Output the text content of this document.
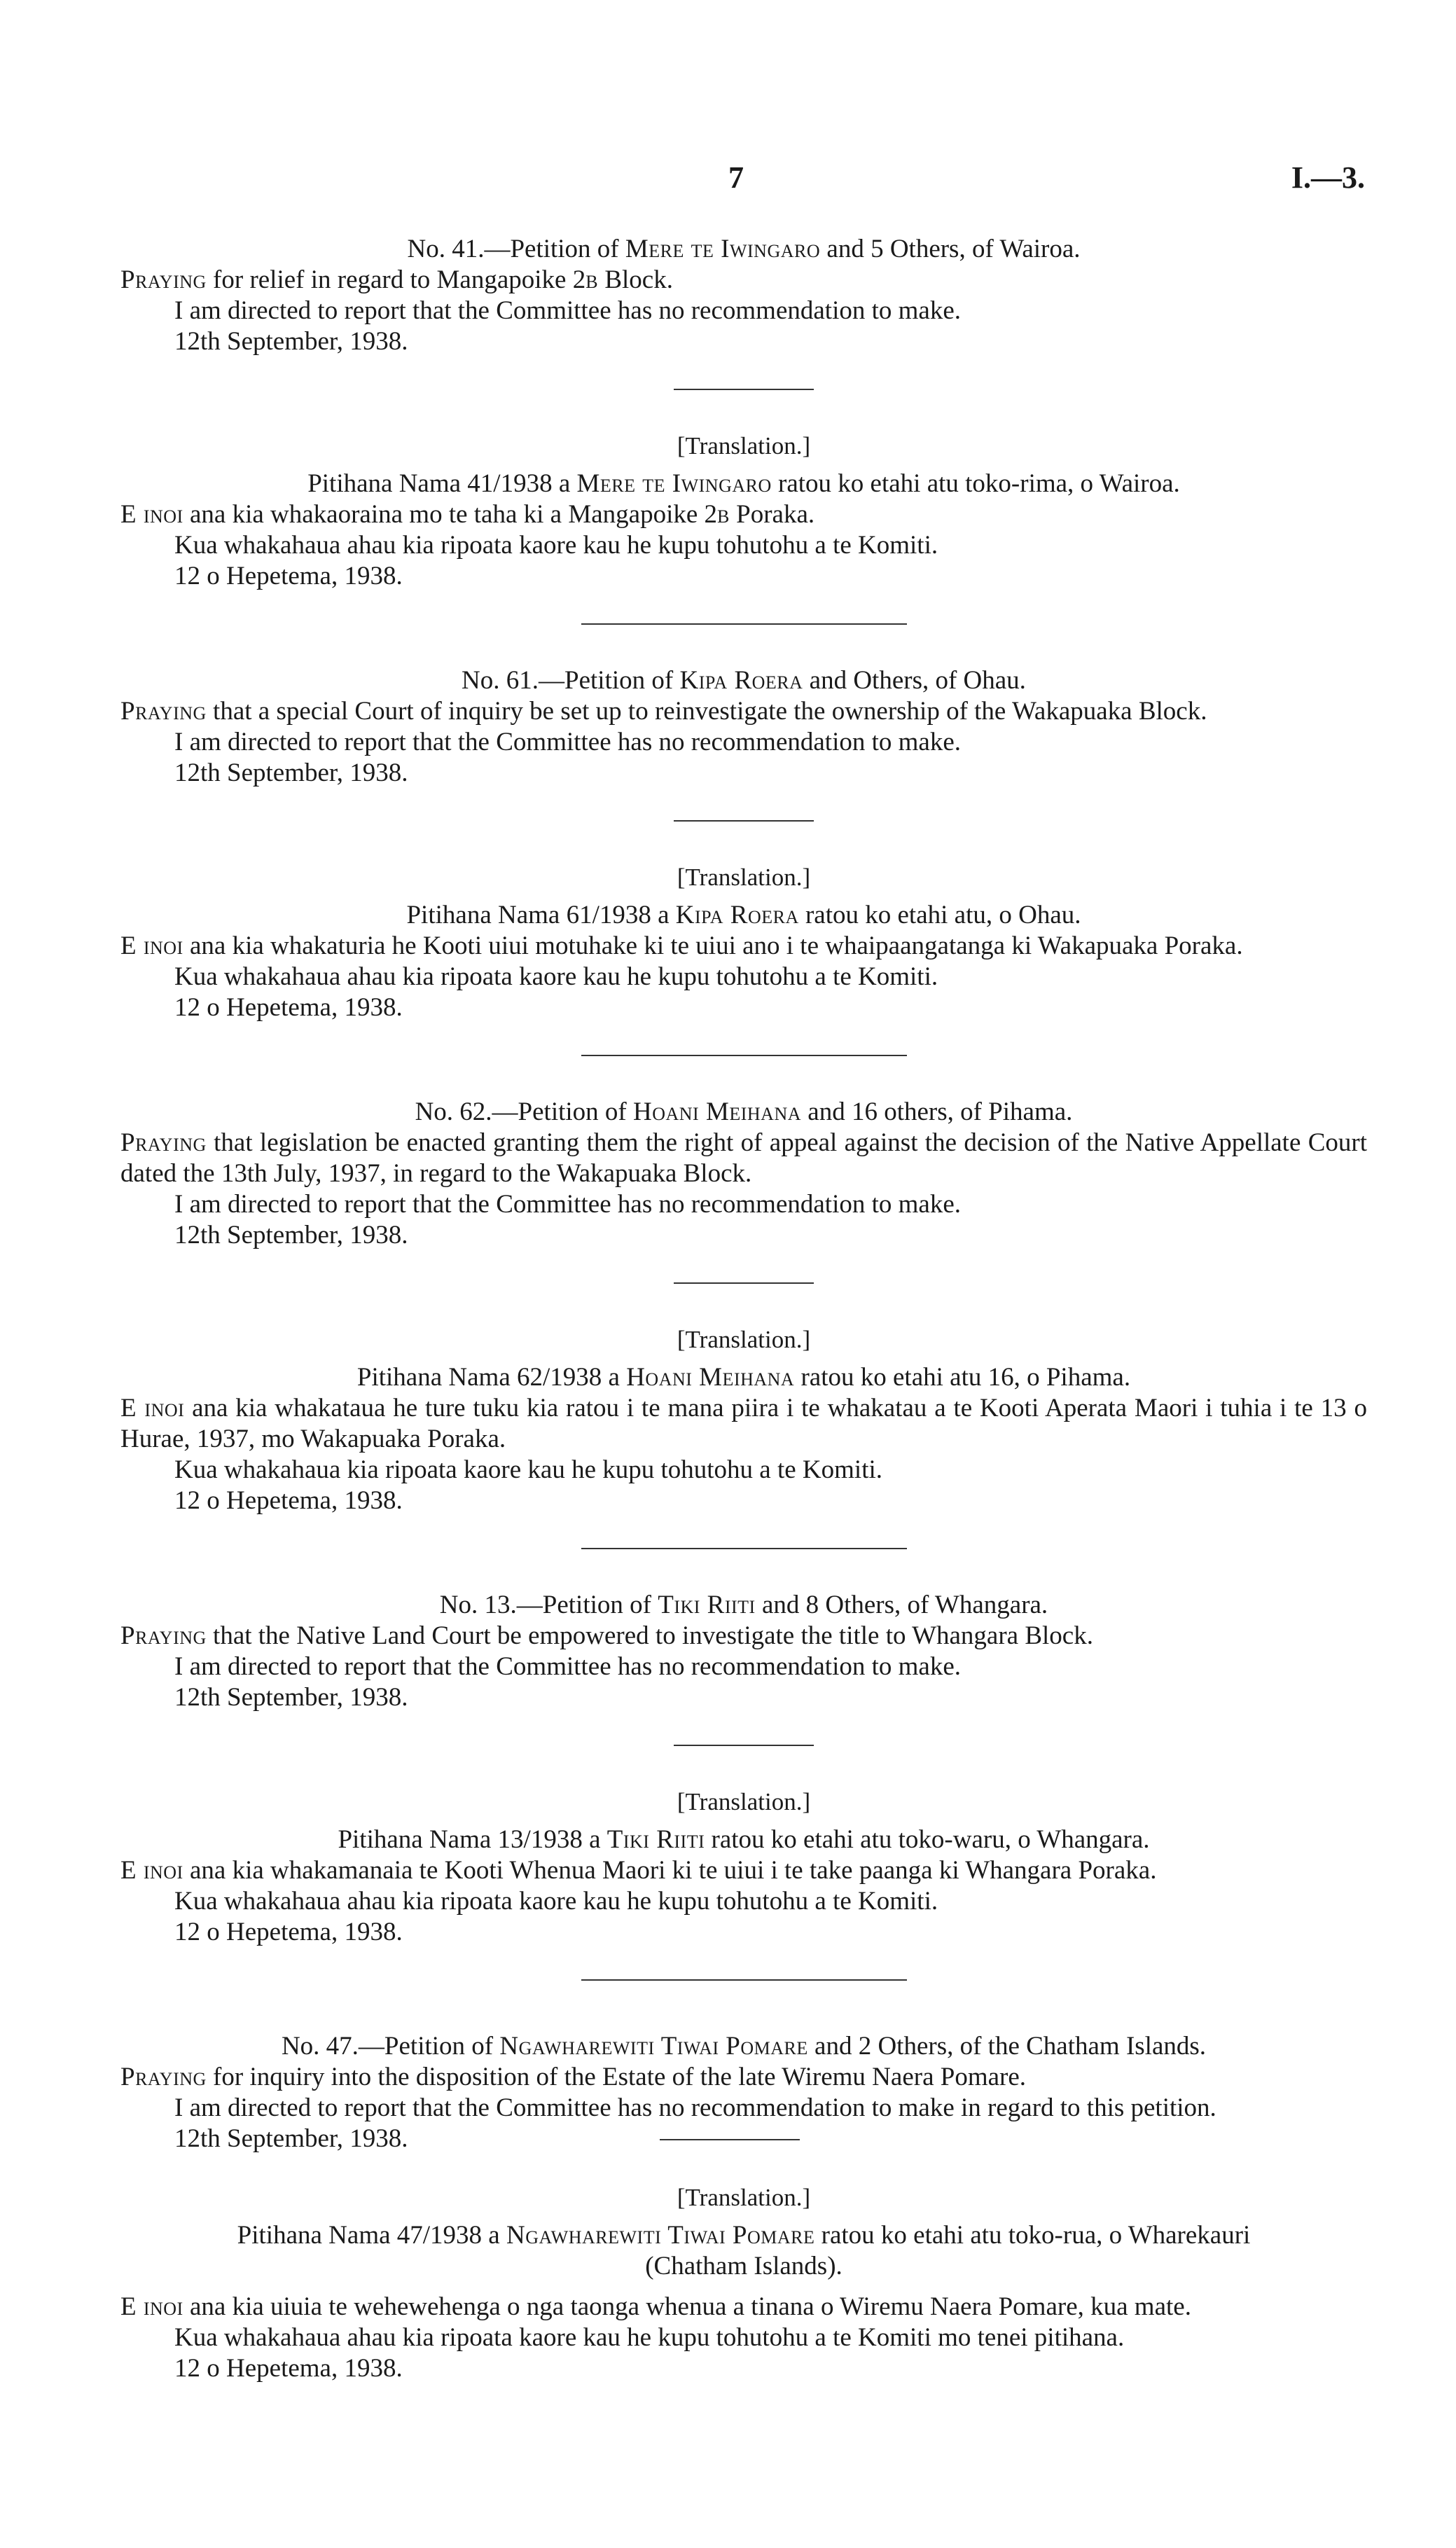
7	I.—3.

No. 41.—Petition of Mere te Iwingaro and 5 Others, of Wairoa.

Praying for relief in regard to Mangapoike 2b Block.

I am directed to report that the Committee has no recommendation to make.

12th September, 1938.

[Translation.]

Pitihana Nama 41/1938 a Mere te Iwingaro ratou ko etahi atu toko-rima, o Wairoa.

E inoi ana kia whakaoraina mo te taha ki a Mangapoike 2b Poraka.

Kua whakahaua ahau kia ripoata kaore kau he kupu tohutohu a te Komiti.

12 o Hepetema, 1938.

No. 61.—Petition of Kipa Roera and Others, of Ohau.

Praying that a special Court of inquiry be set up to reinvestigate the ownership of the Wakapuaka Block.

I am directed to report that the Committee has no recommendation to make.

12th September, 1938.

[Translation.]

Pitihana Nama 61/1938 a Kipa Roera ratou ko etahi atu, o Ohau.

E inoi ana kia whakaturia he Kooti uiui motuhake ki te uiui ano i te whaipaangatanga ki Wakapuaka Poraka.

Kua whakahaua ahau kia ripoata kaore kau he kupu tohutohu a te Komiti.

12 o Hepetema, 1938.

No. 62.—Petition of Hoani Meihana and 16 others, of Pihama.

Praying that legislation be enacted granting them the right of appeal against the decision of the Native Appellate Court dated the 13th July, 1937, in regard to the Wakapuaka Block.

I am directed to report that the Committee has no recommendation to make.

12th September, 1938.

[Translation.]

Pitihana Nama 62/1938 a Hoani Meihana ratou ko etahi atu 16, o Pihama.

E inoi ana kia whakataua he ture tuku kia ratou i te mana piira i te whakatau a te Kooti Aperata Maori i tuhia i te 13 o Hurae, 1937, mo Wakapuaka Poraka.

Kua whakahaua kia ripoata kaore kau he kupu tohutohu a te Komiti.

12 o Hepetema, 1938.

No. 13.—Petition of Tiki Riiti and 8 Others, of Whangara.

Praying that the Native Land Court be empowered to investigate the title to Whangara Block.

I am directed to report that the Committee has no recommendation to make.

12th September, 1938.

[Translation.]

Pitihana Nama 13/1938 a Tiki Riiti ratou ko etahi atu toko-waru, o Whangara.

E inoi ana kia whakamanaia te Kooti Whenua Maori ki te uiui i te take paanga ki Whangara Poraka.

Kua whakahaua ahau kia ripoata kaore kau he kupu tohutohu a te Komiti.

12 o Hepetema, 1938.

No. 47.—Petition of Ngawharewiti Tiwai Pomare and 2 Others, of the Chatham Islands.

Praying for inquiry into the disposition of the Estate of the late Wiremu Naera Pomare.

I am directed to report that the Committee has no recommendation to make in regard to this petition.

12th September, 1938.

[Translation.]

Pitihana Nama 47/1938 a Ngawharewiti Tiwai Pomare ratou ko etahi atu toko-rua, o Wharekauri
(Chatham Islands).

E inoi ana kia uiuia te wehewehenga o nga taonga whenua a tinana o Wiremu Naera Pomare, kua mate.

Kua whakahaua ahau kia ripoata kaore kau he kupu tohutohu a te Komiti mo tenei pitihana.

12 o Hepetema, 1938.
